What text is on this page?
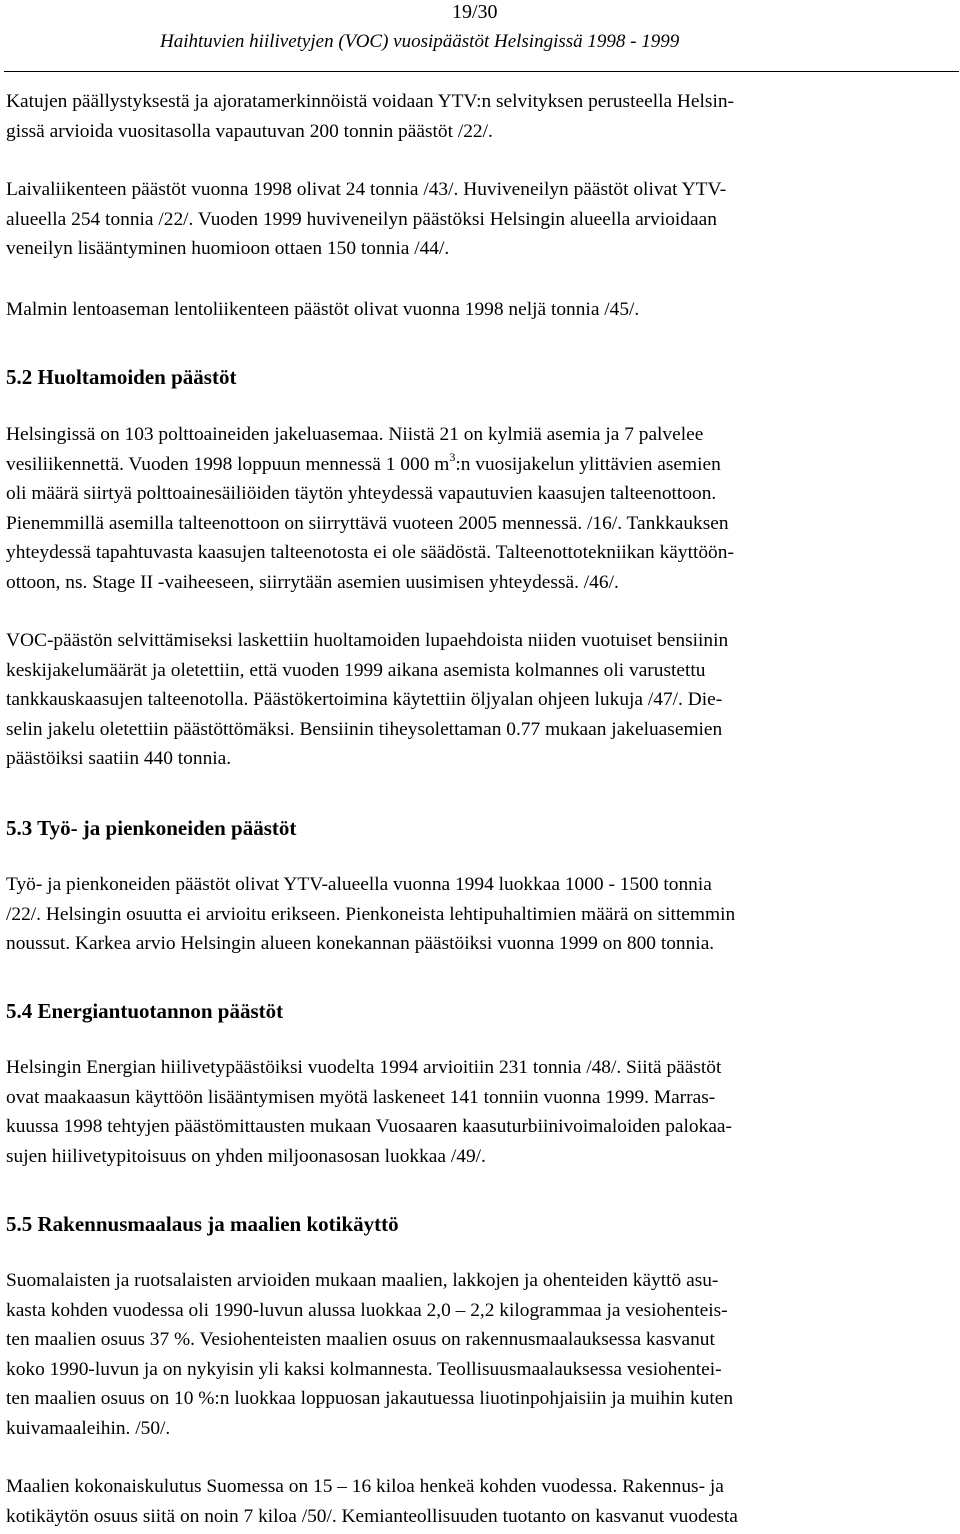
19/30
Haihtuvien hiilivetyjen (VOC) vuosipäästöt Helsingissä 1998 - 1999
Katujen päällystyksestä ja ajoratamerkinnöistä voidaan YTV:n selvityksen perusteella Helsin-
gissä arvioida vuositasolla vapautuvan 200 tonnin päästöt /22/.
Laivaliikenteen päästöt vuonna 1998 olivat 24 tonnia /43/. Huviveneilyn päästöt olivat YTV-
alueella 254 tonnia /22/. Vuoden 1999 huviveneilyn päästöksi Helsingin alueella arvioidaan
veneilyn lisääntyminen huomioon ottaen 150 tonnia /44/.
Malmin lentoaseman lentoliikenteen päästöt olivat vuonna 1998 neljä tonnia /45/.
5.2 Huoltamoiden päästöt
Helsingissä on 103 polttoaineiden jakeluasemaa. Niistä 21 on kylmiä asemia ja 7 palvelee
vesiliikennettä. Vuoden 1998 loppuun mennessä 1 000 $m^3:n$ vuosijakelun ylittävien asemien
oli määrä siirtyä polttoainesäiliöiden täytön yhteydessä vapautuvien kaasujen talteenottoon.
Pienemmillä asemilla talteenottoon on siirryttävä vuoteen 2005 mennessä. /16/. Tankkauksen
yhteydessä tapahtuvasta kaasujen talteenotosta ei ole säädöstä. Talteenottotekniikan käyttöön-
ottoon, ns. Stage II -vaiheeseen, siirrytään asemien uusimisen yhteydessä. /46/.
VOC-päästön selvittämiseksi laskettiin huoltamoiden lupaehdoista niiden vuotuiset bensiinin
keskijakelumäärät ja oletettiin, että vuoden 1999 aikana asemista kolmannes oli varustettu
tankkauskaasujen talteenotolla. Päästökertoimina käytettiin öljyalan ohjeen lukuja /47/. Die-
selin jakelu oletettiin päästöttömäksi. Bensiinin tiheysolettaman 0.77 mukaan jakeluasemien
päästöiksi saatiin 440 tonnia.
5.3 Työ- ja pienkoneiden päästöt
Työ- ja pienkoneiden päästöt olivat YTV-alueella vuonna 1994 luokkaa 1000 - 1500 tonnia
/22/. Helsingin osuutta ei arvioitu erikseen. Pienkoneista lehtipuhaltimien määrä on sittemmin
noussut. Karkea arvio Helsingin alueen konekannan päästöiksi vuonna 1999 on 800 tonnia.
5.4 Energiantuotannon päästöt
Helsingin Energian hiilivetypäästöiksi vuodelta 1994 arvioitiin 231 tonnia /48/. Siitä päästöt
ovat maakaasun käyttöön lisääntymisen myötä laskeneet 141 tonniin vuonna 1999. Marras-
kuussa 1998 tehtyjen päästömittausten mukaan Vuosaaren kaasuturbiinivoimaloiden palokaa-
sujen hiilivetypitoisuus on yhden miljoonasosan luokkaa /49/.
5.5 Rakennusmaalaus ja maalien kotikäyttö
Suomalaisten ja ruotsalaisten arvioiden mukaan maalien, lakkojen ja ohenteiden käyttö asu-
kasta kohden vuodessa oli 1990-luvun alussa luokkaa 2,0 – 2,2 kilogrammaa ja vesiohenteis-
ten maalien osuus 37 %. Vesiohenteisten maalien osuus on rakennusmaalauksessa kasvanut
koko 1990-luvun ja on nykyisin yli kaksi kolmannesta. Teollisuusmaalauksessa vesiohentei-
ten maalien osuus on 10 %:n luokkaa loppuosan jakautuessa liuotinpohjaisiin ja muihin kuten
kuivamaaleihin. /50/.
Maalien kokonaiskulutus Suomessa on 15 – 16 kiloa henkeä kohden vuodessa. Rakennus- ja
kotikäytön osuus siitä on noin 7 kiloa /50/. Kemianteollisuuden tuotanto on kasvanut vuodesta
